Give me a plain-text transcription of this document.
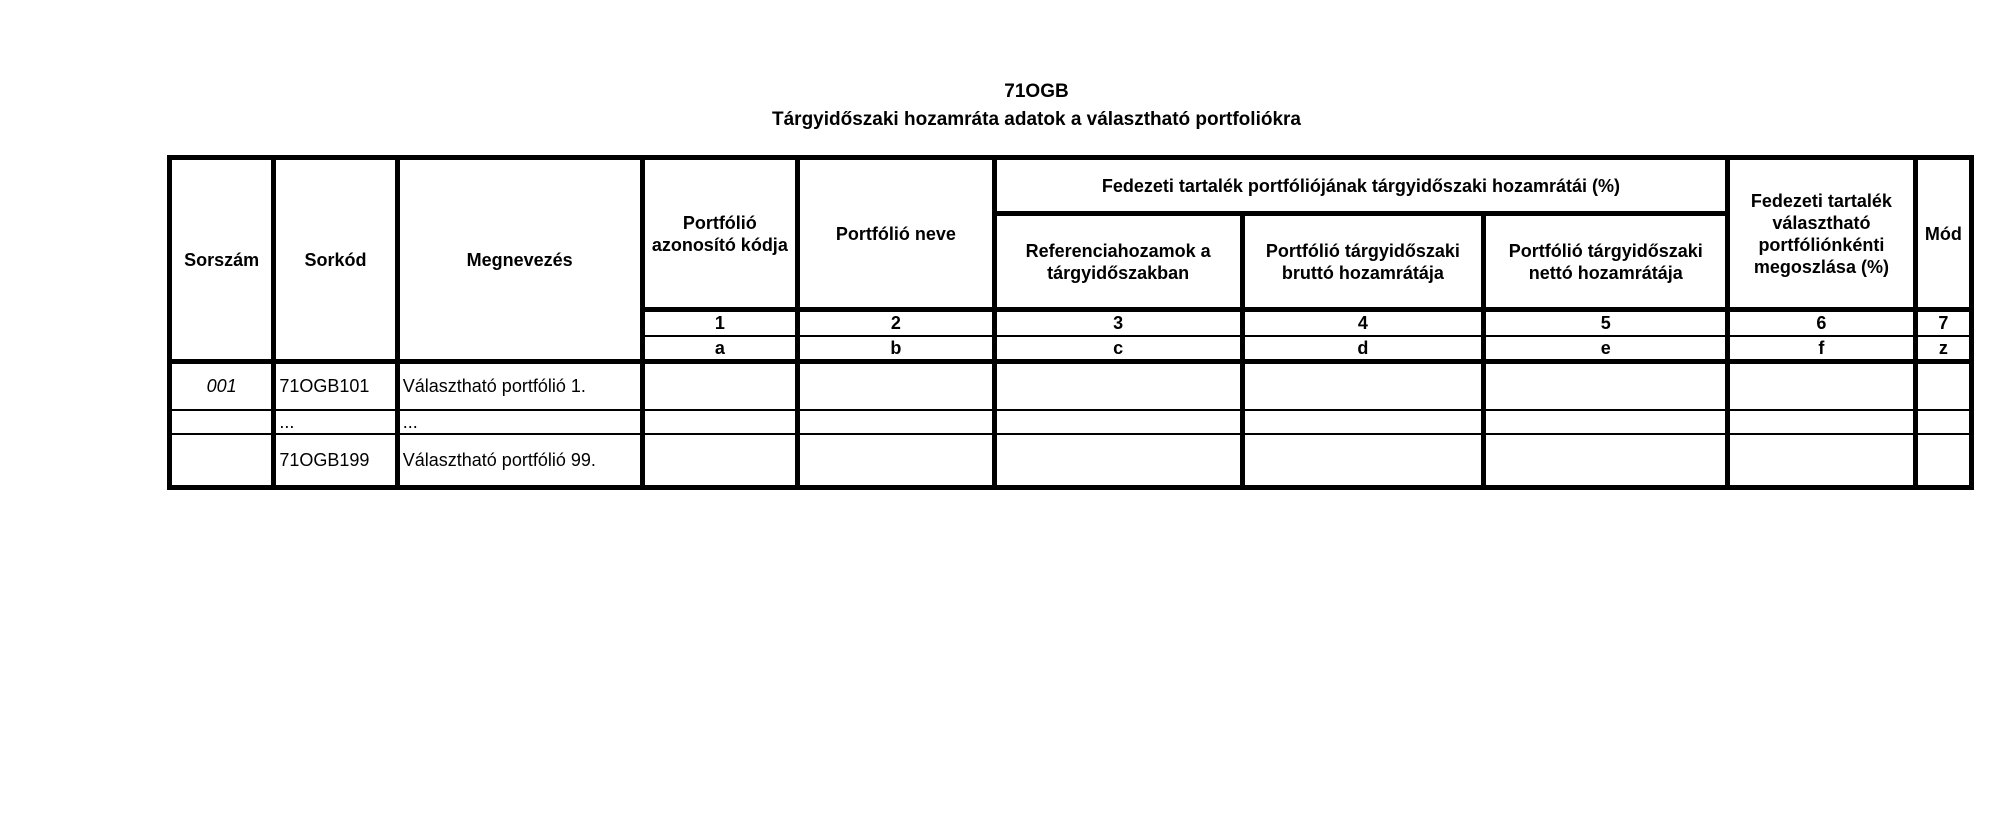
71OGB
Tárgyidőszaki hozamráta adatok a választható portfoliókra
Sorszám	Sorkód	Megnevezés	Portfólió azonosító kódja	Portfólió neve	Fedezeti tartalék portfóliójának tárgyidőszaki hozamrátái (%)			Fedezeti tartalék választható portfóliónkénti megoszlása (%)	Mód
					Referenciahozamok a tárgyidőszakban	Portfólió tárgyidőszaki bruttó hozamrátája	Portfólió tárgyidőszaki nettó hozamrátája		
			1	2	3	4	5	6	7
			a	b	c	d	e	f	z
001	71OGB101	Választható portfólió 1.							
	...	...							
	71OGB199	Választható portfólió 99.							
